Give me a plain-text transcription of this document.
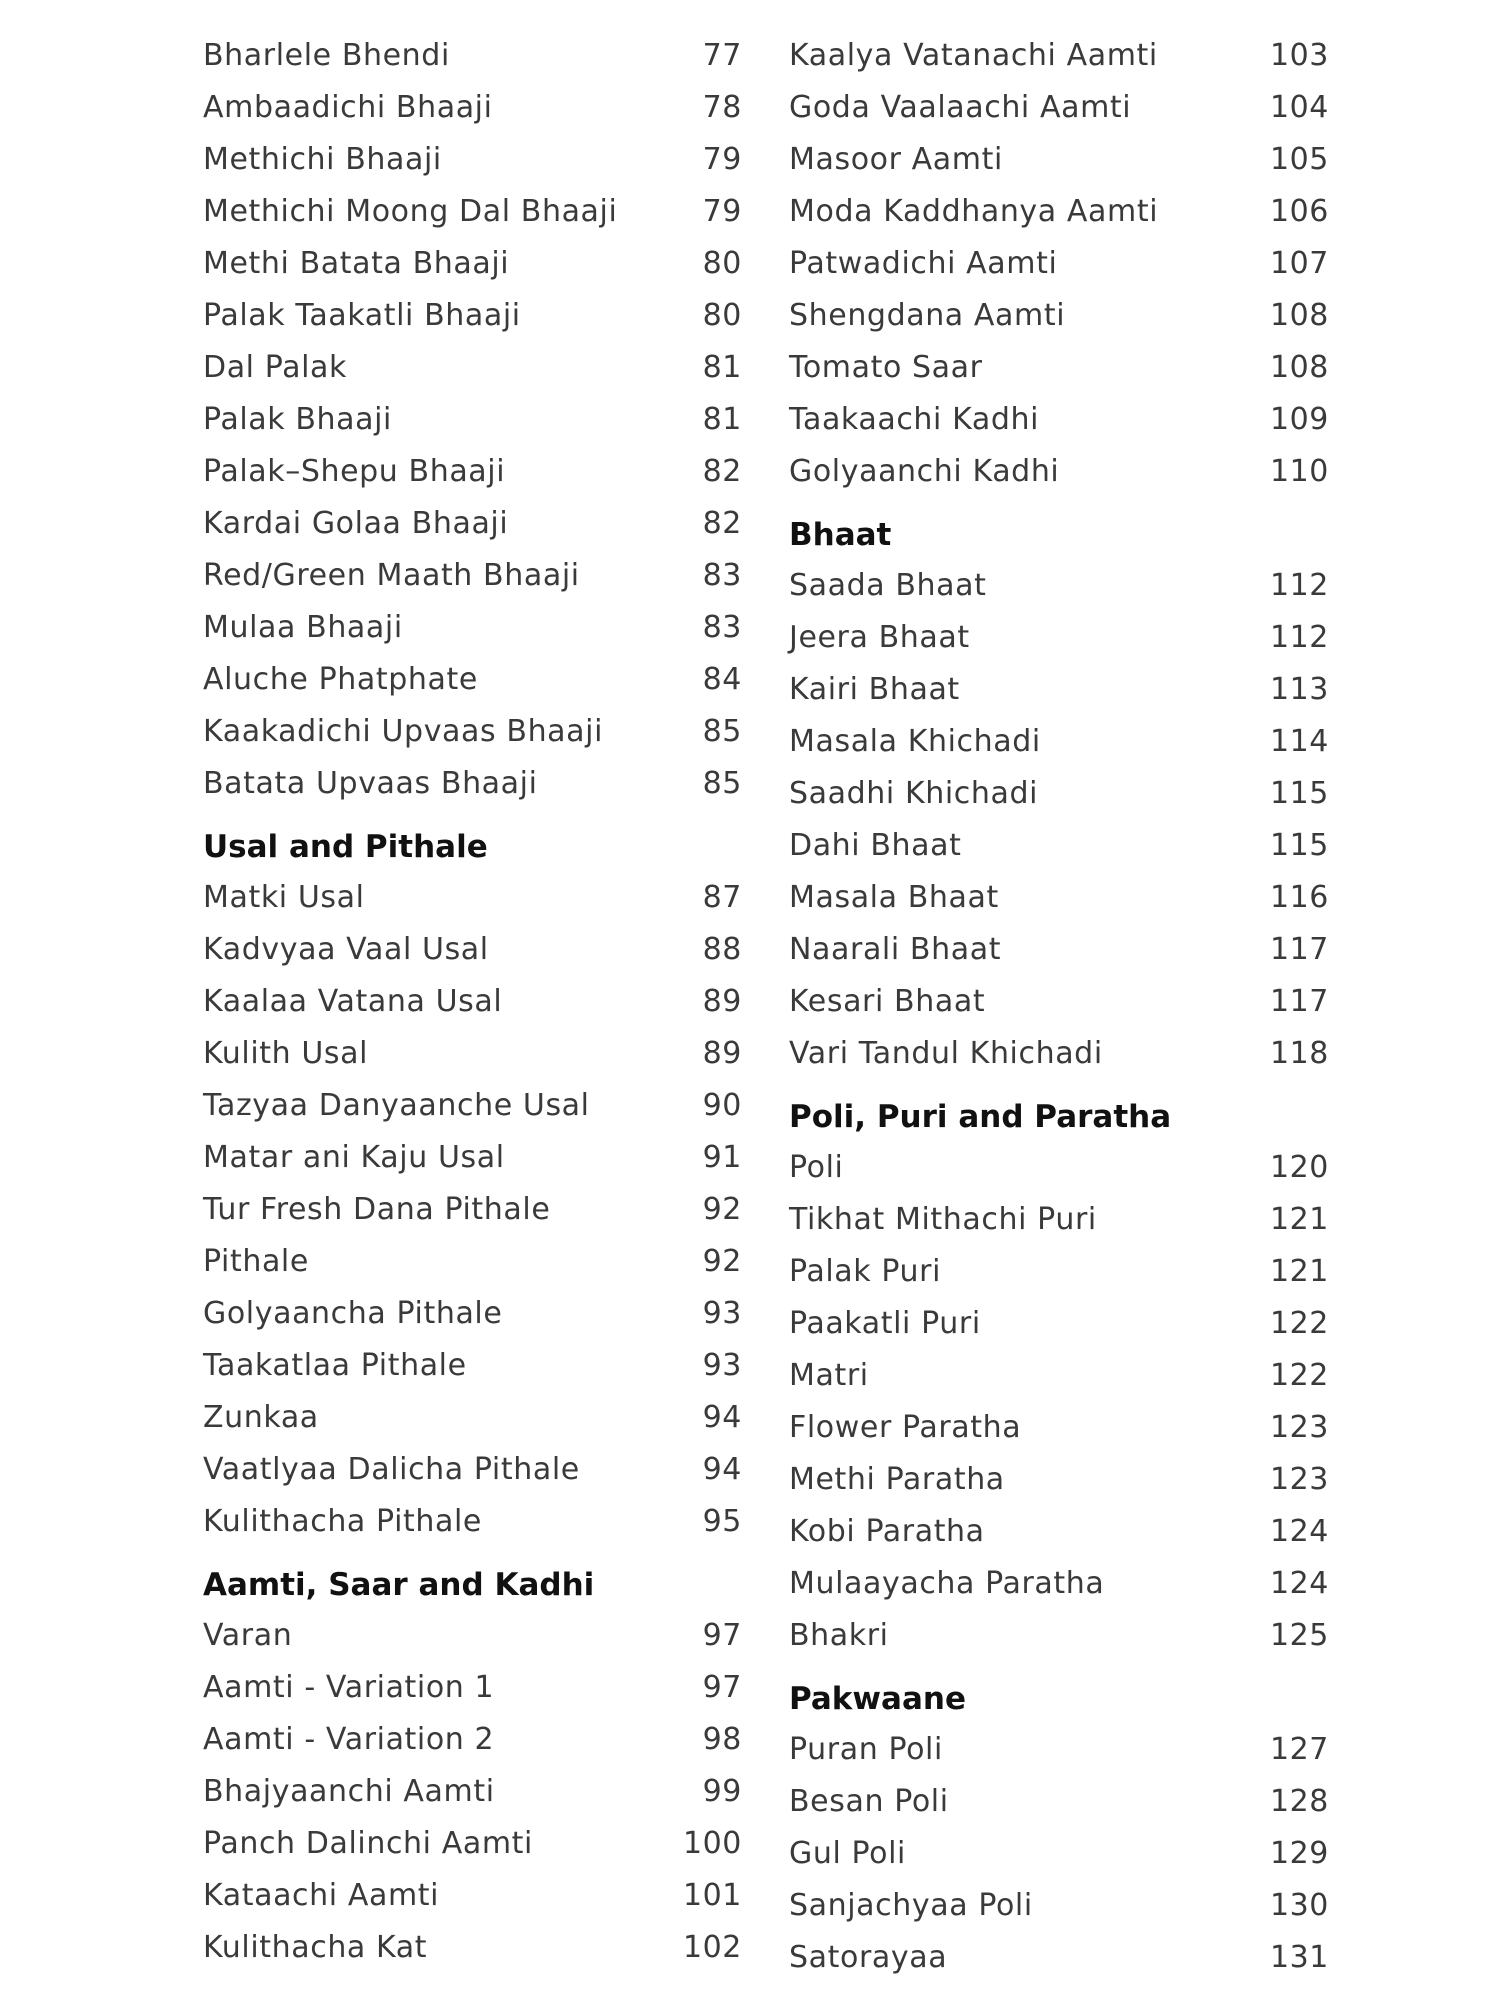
Bharlele Bhendi	77
Ambaadichi Bhaaji	78
Methichi Bhaaji	79
Methichi Moong Dal Bhaaji	79
Methi Batata Bhaaji	80
Palak Taakatli Bhaaji	80
Dal Palak	81
Palak Bhaaji	81
Palak–Shepu Bhaaji	82
Kardai Golaa Bhaaji	82
Red/Green Maath Bhaaji	83
Mulaa Bhaaji	83
Aluche Phatphate	84
Kaakadichi Upvaas Bhaaji	85
Batata Upvaas Bhaaji	85
Usal and Pithale
Matki Usal	87
Kadvyaa Vaal Usal	88
Kaalaa Vatana Usal	89
Kulith Usal	89
Tazyaa Danyaanche Usal	90
Matar ani Kaju Usal	91
Tur Fresh Dana Pithale	92
Pithale	92
Golyaancha Pithale	93
Taakatlaa Pithale	93
Zunkaa	94
Vaatlyaa Dalicha Pithale	94
Kulithacha Pithale	95
Aamti, Saar and Kadhi
Varan	97
Aamti - Variation 1	97
Aamti - Variation 2	98
Bhajyaanchi Aamti	99
Panch Dalinchi Aamti	100
Kataachi Aamti	101
Kulithacha Kat	102
Kaalya Vatanachi Aamti	103
Goda Vaalaachi Aamti	104
Masoor Aamti	105
Moda Kaddhanya Aamti	106
Patwadichi Aamti	107
Shengdana Aamti	108
Tomato Saar	108
Taakaachi Kadhi	109
Golyaanchi Kadhi	110
Bhaat
Saada Bhaat	112
Jeera Bhaat	112
Kairi Bhaat	113
Masala Khichadi	114
Saadhi Khichadi	115
Dahi Bhaat	115
Masala Bhaat	116
Naarali Bhaat	117
Kesari Bhaat	117
Vari Tandul Khichadi	118
Poli, Puri and Paratha
Poli	120
Tikhat Mithachi Puri	121
Palak Puri	121
Paakatli Puri	122
Matri	122
Flower Paratha	123
Methi Paratha	123
Kobi Paratha	124
Mulaayacha Paratha	124
Bhakri	125
Pakwaane
Puran Poli	127
Besan Poli	128
Gul Poli	129
Sanjachyaa Poli	130
Satorayaa	131
